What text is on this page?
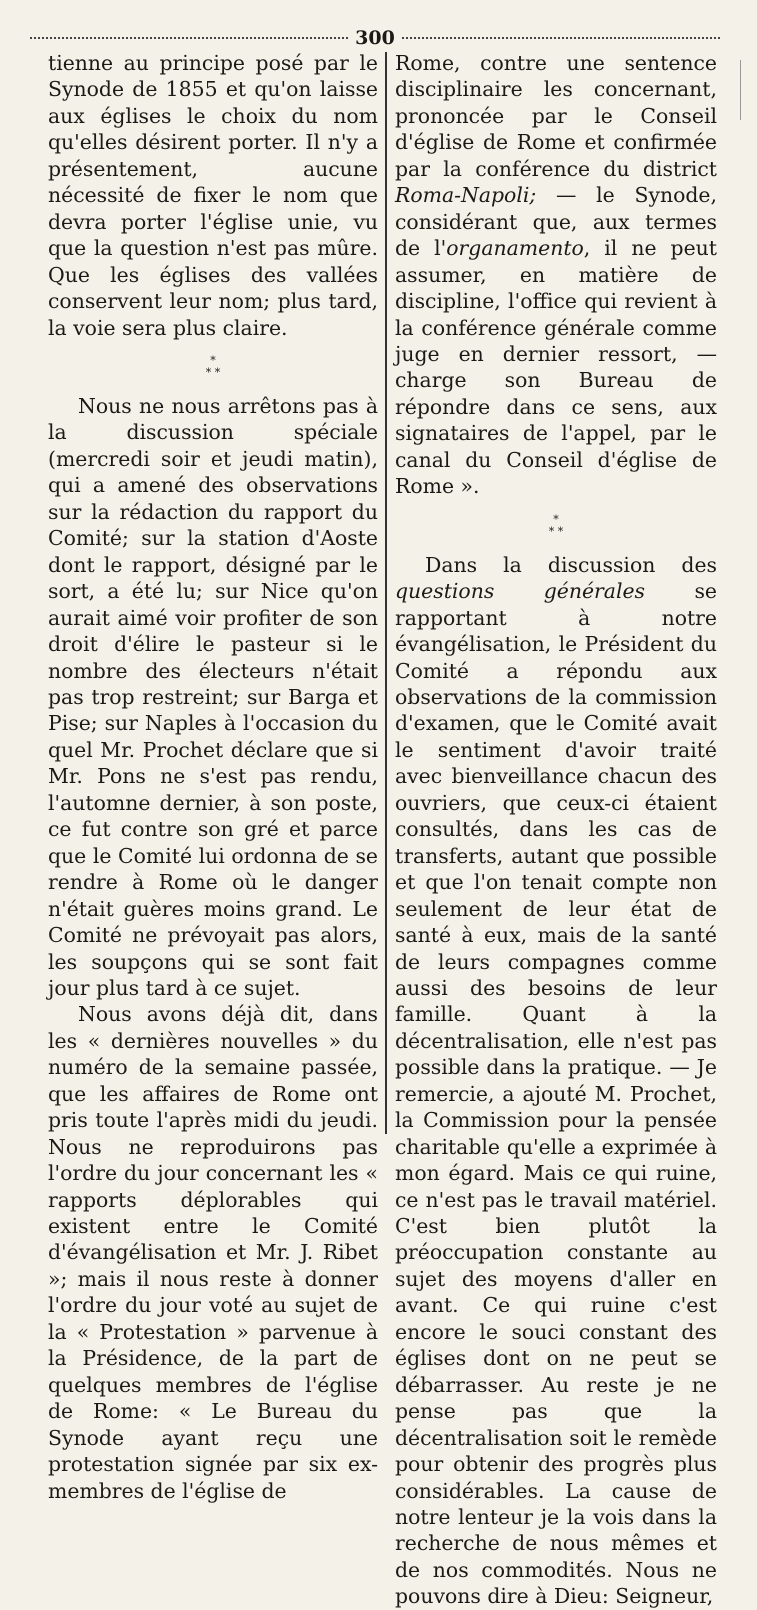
300

tienne au principe posé par le Synode de 1855 et qu'on laisse aux églises le choix du nom qu'elles désirent porter. Il n'y a présentement, aucune nécessité de fixer le nom que devra porter l'église unie, vu que la question n'est pas mûre. Que les églises des vallées conservent leur nom; plus tard, la voie sera plus claire.

*
* *

Nous ne nous arrêtons pas à la discussion spéciale (mercredi soir et jeudi matin), qui a amené des observations sur la rédaction du rapport du Comité; sur la station d'Aoste dont le rapport, désigné par le sort, a été lu; sur Nice qu'on aurait aimé voir profiter de son droit d'élire le pasteur si le nombre des électeurs n'était pas trop restreint; sur Barga et Pise; sur Naples à l'occasion du quel Mr. Prochet déclare que si Mr. Pons ne s'est pas rendu, l'automne dernier, à son poste, ce fut contre son gré et parce que le Comité lui ordonna de se rendre à Rome où le danger n'était guères moins grand. Le Comité ne prévoyait pas alors, les soupçons qui se sont fait jour plus tard à ce sujet.

Nous avons déjà dit, dans les « dernières nouvelles » du numéro de la semaine passée, que les affaires de Rome ont pris toute l'après midi du jeudi. Nous ne reproduirons pas l'ordre du jour concernant les « rapports déplorables qui existent entre le Comité d'évangélisation et Mr. J. Ribet »; mais il nous reste à donner l'ordre du jour voté au sujet de la « Protestation » parvenue à la Présidence, de la part de quelques membres de l'église de Rome: « Le Bureau du Synode ayant reçu une protestation signée par six ex-membres de l'église de

Rome, contre une sentence disciplinaire les concernant, prononcée par le Conseil d'église de Rome et confirmée par la conférence du district Roma-Napoli; — le Synode, considérant que, aux termes de l'organamento, il ne peut assumer, en matière de discipline, l'office qui revient à la conférence générale comme juge en dernier ressort, — charge son Bureau de répondre dans ce sens, aux signataires de l'appel, par le canal du Conseil d'église de Rome ».

*
* *

Dans la discussion des questions générales se rapportant à notre évangélisation, le Président du Comité a répondu aux observations de la commission d'examen, que le Comité avait le sentiment d'avoir traité avec bienveillance chacun des ouvriers, que ceux-ci étaient consultés, dans les cas de transferts, autant que possible et que l'on tenait compte non seulement de leur état de santé à eux, mais de la santé de leurs compagnes comme aussi des besoins de leur famille. Quant à la décentralisation, elle n'est pas possible dans la pratique. — Je remercie, a ajouté M. Prochet, la Commission pour la pensée charitable qu'elle a exprimée à mon égard. Mais ce qui ruine, ce n'est pas le travail matériel. C'est bien plutôt la préoccupation constante au sujet des moyens d'aller en avant. Ce qui ruine c'est encore le souci constant des églises dont on ne peut se débarrasser. Au reste je ne pense pas que la décentralisation soit le remède pour obtenir des progrès plus considérables. La cause de notre lenteur je la vois dans la recherche de nous mêmes et de nos commodités. Nous ne pouvons dire à Dieu: Seigneur,
